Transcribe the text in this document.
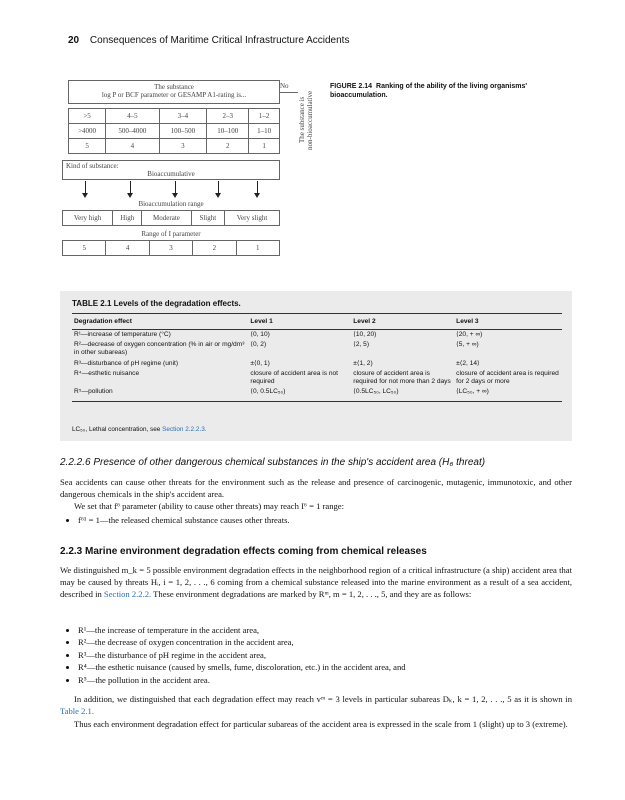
20 Consequences of Maritime Critical Infrastructure Accidents
The substance
log P or BCF parameter or GESAMP A1-rating is...
No
The substance is
non-bioaccumulative
>5	4–5	3–4	2–3	1–2
>4000	500–4000	100–500	10–100	1–10
5	4	3	2	1
Kind of substance:
Bioaccumulative
Bioaccumulation range
Very high	High	Moderate	Slight	Very slight
Range of I parameter
5	4	3	2	1
FIGURE 2.14 Ranking of the ability of the living organisms' bioaccumulation.
TABLE 2.1 Levels of the degradation effects.
Degradation effect	Level 1	Level 2	Level 3
R¹—increase of temperature (°C)	⟨0, 10)	⟨10, 20)	⟨20, + ∞)
R²—decrease of oxygen concentration (% in air or mg/dm³ in other subareas)	⟨0, 2)	⟨2, 5)	⟨5, + ∞)
R³—disturbance of pH regime (unit)	±⟨0, 1)	±⟨1, 2)	±⟨2, 14⟩
R⁴—esthetic nuisance	closure of accident area is not required	closure of accident area is required for not more than 2 days	closure of accident area is required for 2 days or more
R⁵—pollution	⟨0, 0.5LC₅₀)	⟨0.5LC₅₀, LC₅₀)	⟨LC₅₀, + ∞)
LC₅₀, Lethal concentration, see Section 2.2.2.3.
2.2.2.6 Presence of other dangerous chemical substances in the ship's accident area (H₆ threat)
Sea accidents can cause other threats for the environment such as the release and presence of carcinogenic, mutagenic, immunotoxic, and other dangerous chemicals in the ship's accident area.
We set that f⁶ parameter (ability to cause other threats) may reach I⁶ = 1 range:
• f⁶¹ = 1—the released chemical substance causes other threats.
2.2.3 Marine environment degradation effects coming from chemical releases
We distinguished m_k = 5 possible environment degradation effects in the neighborhood region of a critical infrastructure (a ship) accident area that may be caused by threats Hᵢ, i = 1, 2, . . ., 6 coming from a chemical substance released into the marine environment as a result of a sea accident, described in Section 2.2.2. These environment degradations are marked by Rᵐ, m = 1, 2, . . ., 5, and they are as follows:
• R¹—the increase of temperature in the accident area,
• R²—the decrease of oxygen concentration in the accident area,
• R³—the disturbance of pH regime in the accident area,
• R⁴—the esthetic nuisance (caused by smells, fume, discoloration, etc.) in the accident area, and
• R⁵—the pollution in the accident area.
In addition, we distinguished that each degradation effect may reach vᵐ = 3 levels in particular subareas Dₖ, k = 1, 2, . . ., 5 as it is shown in Table 2.1.
Thus each environment degradation effect for particular subareas of the accident area is expressed in the scale from 1 (slight) up to 3 (extreme).
